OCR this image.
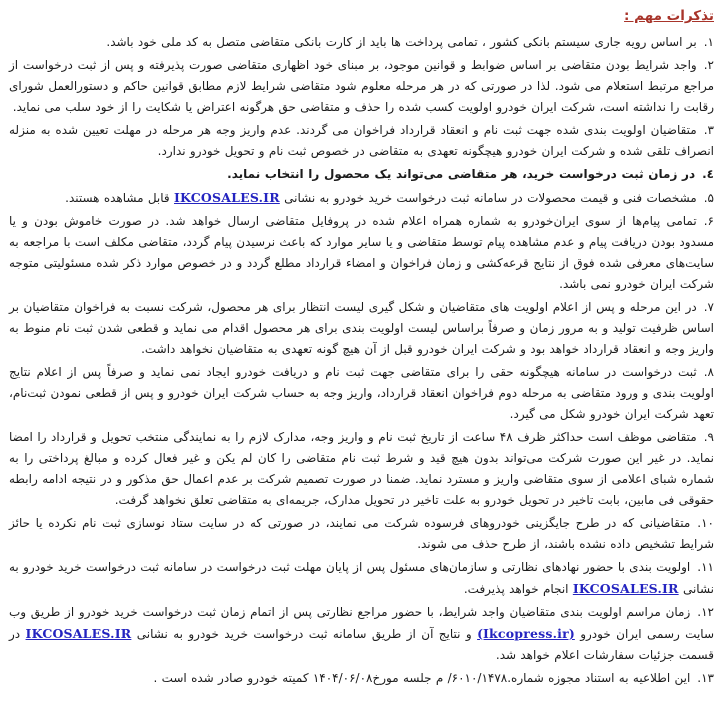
تذکرات مهم :
۱.بر اساس رویه جاری سیستم بانکی کشور ، تمامی پرداخت ها باید از کارت بانکی متقاضی متصل به کد ملی خود باشد.
۲.واجد شرایط بودن متقاضی بر اساس ضوابط و قوانین موجود، بر مبنای خود اظهاری متقاضی صورت پذیرفته و پس از ثبت درخواست از مراجع مرتبط استعلام می شود. لذا در صورتی که در هر مرحله معلوم شود متقاضی شرایط لازم مطابق قوانین حاکم و دستورالعمل شورای رقابت را نداشته است، شرکت ایران خودرو اولویت کسب شده را حذف و متقاضی حق هرگونه اعتراض یا شکایت را از خود سلب می نماید.
۳.متقاضیان اولویت بندی شده جهت ثبت نام و انعقاد قرارداد فراخوان می گردند. عدم واریز وجه هر مرحله در مهلت تعیین شده به منزله انصراف تلقی شده و شرکت ایران خودرو هیچگونه تعهدی به متقاضی در خصوص ثبت نام و تحویل خودرو ندارد.
٤.در زمان ثبت درخواست خرید، هر متقاضی می‌تواند یک محصول را انتخاب نماید.
۵.مشخصات فنی و قیمت محصولات در سامانه ثبت درخواست خرید خودرو به نشانی IKCOSALES.IR قابل مشاهده هستند.
۶.تمامی پیام‌ها از سوی ایران‌خودرو به شماره همراه اعلام شده در پروفایل متقاضی ارسال خواهد شد. در صورت خاموش بودن و یا مسدود بودن دریافت پیام و عدم مشاهده پیام توسط متقاضی و یا سایر موارد که باعث نرسیدن پیام گردد، متقاضی مکلف است با مراجعه به سایت‌های معرفی شده فوق از نتایج قرعه‌کشی و زمان فراخوان و امضاء قرارداد مطلع گردد و در خصوص موارد ذکر شده مسئولیتی متوجه شرکت ایران خودرو نمی باشد.
۷.در این مرحله و پس از اعلام اولویت های متقاضیان و شکل گیری لیست انتظار برای هر محصول، شرکت نسبت به فراخوان متقاضیان بر اساس ظرفیت تولید و به مرور زمان و صرفاً براساس لیست اولویت بندی برای هر محصول اقدام می نماید و قطعی شدن ثبت نام منوط به واریز وجه و انعقاد قرارداد خواهد بود و شرکت ایران خودرو قبل از آن هیچ گونه تعهدی به متقاضیان نخواهد داشت.
۸.ثبت درخواست در سامانه هیچگونه حقی را برای متقاضی جهت ثبت نام و دریافت خودرو ایجاد نمی نماید و صرفاً پس از اعلام نتایج اولویت بندی و ورود متقاضی به مرحله دوم فراخوان انعقاد قرارداد، واریز وجه به حساب شرکت ایران خودرو و پس از قطعی نمودن ثبت‌نام، تعهد شرکت ایران خودرو شکل می گیرد.
۹.متقاضی موظف است حداکثر ظرف ۴۸ ساعت از تاریخ ثبت نام و واریز وجه، مدارک لازم را به نمایندگی منتخب تحویل و قرارداد را امضا نماید. در غیر این صورت شرکت می‌تواند بدون هیچ قید و شرط ثبت نام متقاضی را کان لم یکن و غیر فعال کرده و مبالغ پرداختی را به شماره شبای اعلامی از سوی متقاضی واریز و مسترد نماید. ضمنا در صورت تصمیم شرکت بر عدم اعمال حق مذکور و در نتیجه ادامه رابطه حقوقی فی مابین، بابت تاخیر در تحویل خودرو به علت تاخیر در تحویل مدارک، جریمه‌ای به متقاضی تعلق نخواهد گرفت.
۱۰.متقاضیانی که در طرح جایگزینی خودروهای فرسوده شرکت می نمایند، در صورتی که در سایت ستاد نوسازی ثبت نام نکرده یا حائز شرایط تشخیص داده نشده باشند، از طرح حذف می شوند.
۱۱.اولویت بندی با حضور نهادهای نظارتی و سازمان‌های مسئول پس از پایان مهلت ثبت درخواست در سامانه ثبت درخواست خرید خودرو به نشانی IKCOSALES.IR انجام خواهد پذیرفت.
۱۲.زمان مراسم اولویت بندی متقاضیان واجد شرایط، با حضور مراجع نظارتی پس از اتمام زمان ثبت درخواست خرید خودرو از طریق وب سایت رسمی ایران خودرو (Ikcopress.ir) و نتایج آن از طریق سامانه ثبت درخواست خرید خودرو به نشانی IKCOSALES.IR در قسمت جزئیات سفارشات اعلام خواهد شد.
۱۳.این اطلاعیه به استناد مجوزه شماره.۶۰۱۰/۱۴۷۸/ م جلسه مورخ۱۴۰۴/۰۶/۰۸ کمیته خودرو صادر شده است .
